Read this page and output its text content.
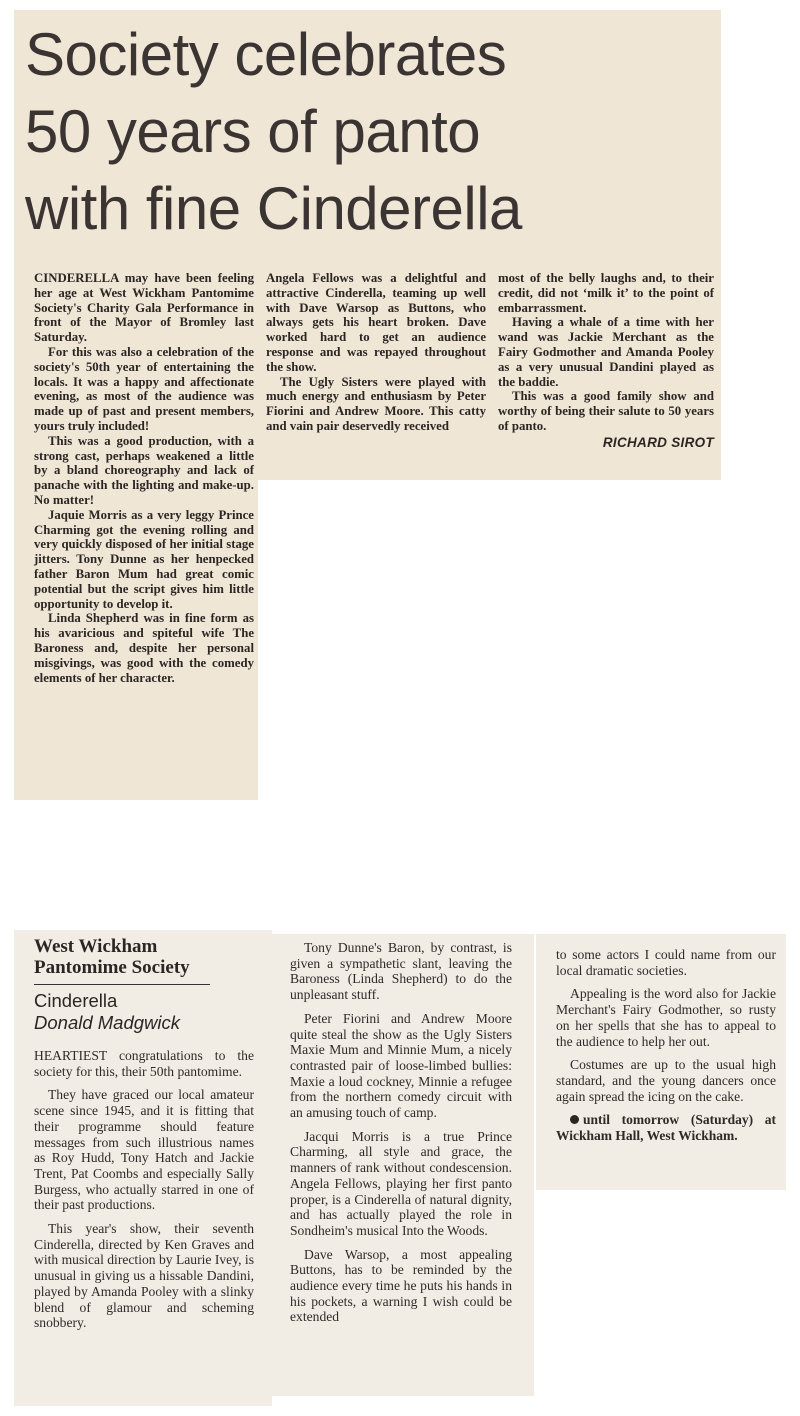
Society celebrates
50 years of panto
with fine Cinderella

CINDERELLA may have been feeling her age at West Wickham Pantomime Society's Charity Gala Performance in front of the Mayor of Bromley last Saturday.

For this was also a celebration of the society's 50th year of entertaining the locals. It was a happy and affectionate evening, as most of the audience was made up of past and present members, yours truly included!

This was a good production, with a strong cast, perhaps weakened a little by a bland choreography and lack of panache with the lighting and make-up. No matter!

Jaquie Morris as a very leggy Prince Charming got the evening rolling and very quickly disposed of her initial stage jitters. Tony Dunne as her henpecked father Baron Mum had great comic potential but the script gives him little opportunity to develop it.

Linda Shepherd was in fine form as his avaricious and spiteful wife The Baroness and, despite her personal misgivings, was good with the comedy elements of her character.

Angela Fellows was a delightful and attractive Cinderella, teaming up well with Dave Warsop as Buttons, who always gets his heart broken. Dave worked hard to get an audience response and was repayed throughout the show.

The Ugly Sisters were played with much energy and enthusiasm by Peter Fiorini and Andrew Moore. This catty and vain pair deservedly received

most of the belly laughs and, to their credit, did not ‘milk it’ to the point of embarrassment.

Having a whale of a time with her wand was Jackie Merchant as the Fairy Godmother and Amanda Pooley as a very unusual Dandini played as the baddie.

This was a good family show and worthy of being their salute to 50 years of panto.

RICHARD SIROT
West Wickham
Pantomime Society
Cinderella
Donald Madgwick

HEARTIEST congratulations to the society for this, their 50th pantomime.

They have graced our local amateur scene since 1945, and it is fitting that their programme should feature messages from such illustrious names as Roy Hudd, Tony Hatch and Jackie Trent, Pat Coombs and especially Sally Burgess, who actually starred in one of their past productions.

This year's show, their seventh Cinderella, directed by Ken Graves and with musical direction by Laurie Ivey, is unusual in giving us a hissable Dandini, played by Amanda Pooley with a slinky blend of glamour and scheming snobbery.

Tony Dunne's Baron, by contrast, is given a sympathetic slant, leaving the Baroness (Linda Shepherd) to do the unpleasant stuff.

Peter Fiorini and Andrew Moore quite steal the show as the Ugly Sisters Maxie Mum and Minnie Mum, a nicely contrasted pair of loose-limbed bullies: Maxie a loud cockney, Minnie a refugee from the northern comedy circuit with an amusing touch of camp.

Jacqui Morris is a true Prince Charming, all style and grace, the manners of rank without condescension. Angela Fellows, playing her first panto proper, is a Cinderella of natural dignity, and has actually played the role in Sondheim's musical Into the Woods.

Dave Warsop, a most appealing Buttons, has to be reminded by the audience every time he puts his hands in his pockets, a warning I wish could be extended

to some actors I could name from our local dramatic societies.

Appealing is the word also for Jackie Merchant's Fairy Godmother, so rusty on her spells that she has to appeal to the audience to help her out.

Costumes are up to the usual high standard, and the young dancers once again spread the icing on the cake.

until tomorrow (Saturday) at Wickham Hall, West Wickham.
